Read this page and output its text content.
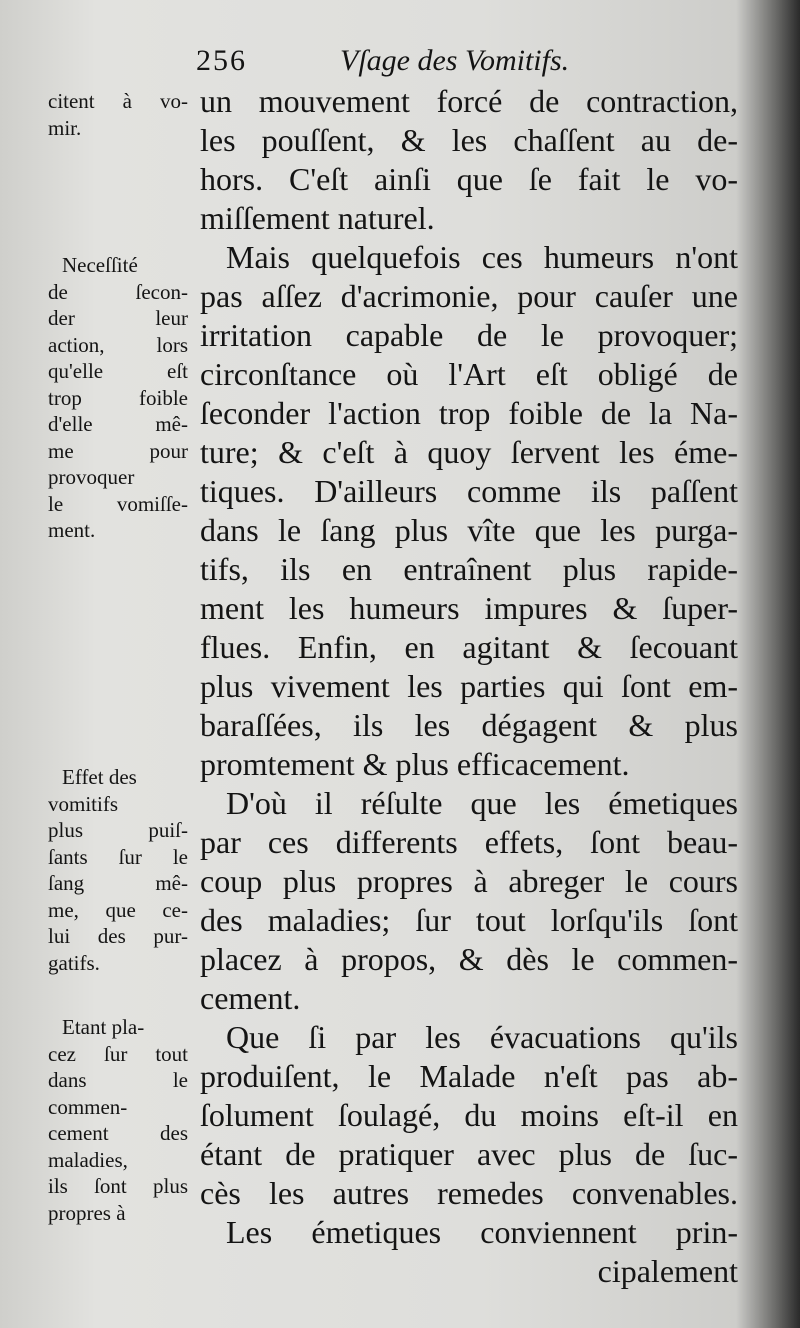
256	Vſage des Vomitifs.
un mouvement forcé de contraction,
les pouſſent, & les chaſſent au de-
hors. C'eſt ainſi que ſe fait le vo-
miſſement naturel.
Mais quelquefois ces humeurs n'ont
pas aſſez d'acrimonie, pour cauſer une
irritation capable de le provoquer;
circonſtance où l'Art eſt obligé de
ſeconder l'action trop foible de la Na-
ture; & c'eſt à quoy ſervent les éme-
tiques. D'ailleurs comme ils paſſent
dans le ſang plus vîte que les purga-
tifs, ils en entraînent plus rapide-
ment les humeurs impures & ſuper-
flues. Enfin, en agitant & ſecouant
plus vivement les parties qui ſont em-
baraſſées, ils les dégagent & plus
promtement & plus efficacement.
D'où il réſulte que les émetiques
par ces differents effets, ſont beau-
coup plus propres à abreger le cours
des maladies; ſur tout lorſqu'ils ſont
placez à propos, & dès le commen-
cement.
Que ſi par les évacuations qu'ils
produiſent, le Malade n'eſt pas ab-
ſolument ſoulagé, du moins eſt-il en
étant de pratiquer avec plus de ſuc-
cès les autres remedes convenables.
Les émetiques conviennent prin-
cipalement
citent à vo-
mir.
Neceſſité
de ſecon-
der leur
action, lors
qu'elle eſt
trop foible
d'elle mê-
me pour
provoquer
le vomiſſe-
ment.
Effet des
vomitifs
plus puiſ-
ſants ſur le
ſang mê-
me, que ce-
lui des pur-
gatifs.
Etant pla-
cez ſur tout
dans le
commen-
cement des
maladies,
ils ſont plus
propres à
